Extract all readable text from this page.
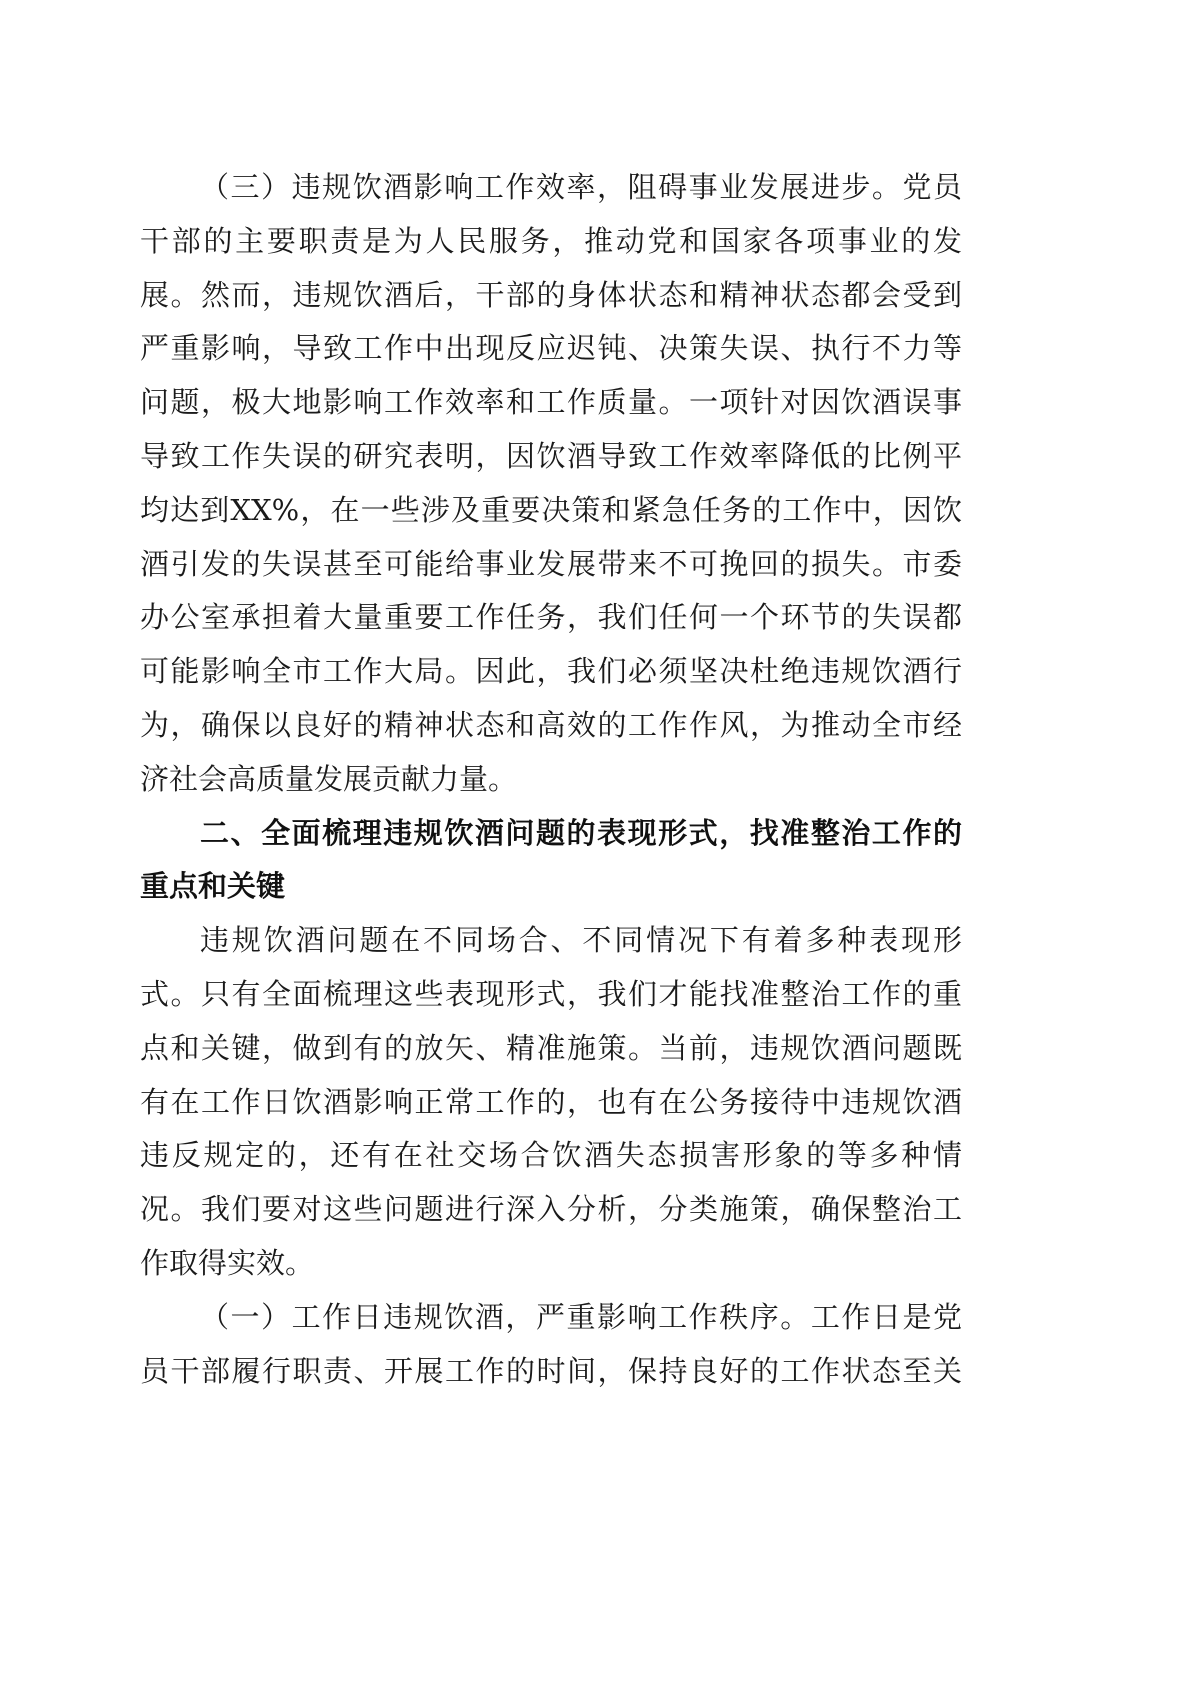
（三）违规饮酒影响工作效率，阻碍事业发展进步。党员
干部的主要职责是为人民服务，推动党和国家各项事业的发
展。然而，违规饮酒后，干部的身体状态和精神状态都会受到
严重影响，导致工作中出现反应迟钝、决策失误、执行不力等
问题，极大地影响工作效率和工作质量。一项针对因饮酒误事
导致工作失误的研究表明，因饮酒导致工作效率降低的比例平
均达到XX%，在一些涉及重要决策和紧急任务的工作中，因饮
酒引发的失误甚至可能给事业发展带来不可挽回的损失。市委
办公室承担着大量重要工作任务，我们任何一个环节的失误都
可能影响全市工作大局。因此，我们必须坚决杜绝违规饮酒行
为，确保以良好的精神状态和高效的工作作风，为推动全市经
济社会高质量发展贡献力量。
二、全面梳理违规饮酒问题的表现形式，找准整治工作的
重点和关键
违规饮酒问题在不同场合、不同情况下有着多种表现形
式。只有全面梳理这些表现形式，我们才能找准整治工作的重
点和关键，做到有的放矢、精准施策。当前，违规饮酒问题既
有在工作日饮酒影响正常工作的，也有在公务接待中违规饮酒
违反规定的，还有在社交场合饮酒失态损害形象的等多种情
况。我们要对这些问题进行深入分析，分类施策，确保整治工
作取得实效。
（一）工作日违规饮酒，严重影响工作秩序。工作日是党
员干部履行职责、开展工作的时间，保持良好的工作状态至关
